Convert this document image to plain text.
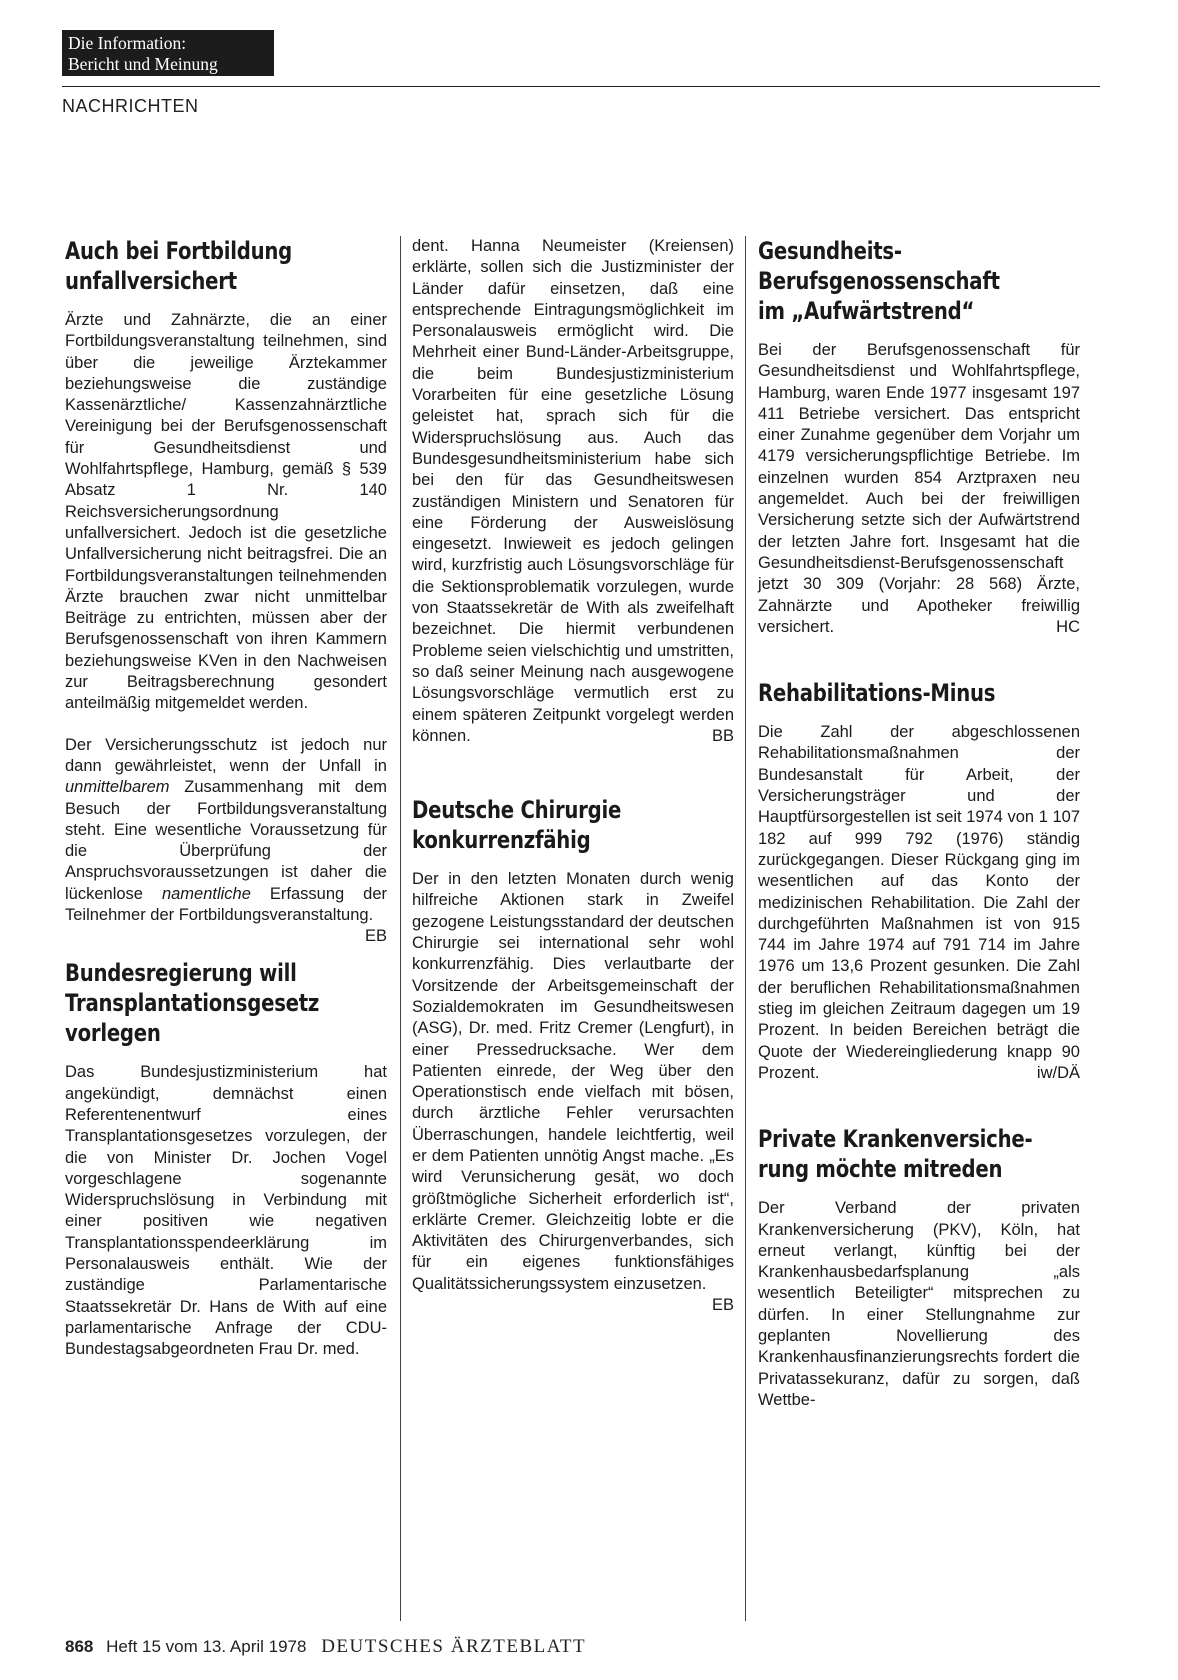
Die Information:
Bericht und Meinung
NACHRICHTEN
Auch bei Fortbildung
unfallversichert

Ärzte und Zahnärzte, die an einer Fortbildungsveranstaltung teilnehmen, sind über die jeweilige Ärztekammer beziehungsweise die zuständige Kassenärztliche/ Kassenzahnärztliche Vereinigung bei der Berufsgenossenschaft für Gesundheitsdienst und Wohlfahrtspflege, Hamburg, gemäß § 539 Absatz 1 Nr. 140 Reichsversicherungsordnung unfallversichert. Jedoch ist die gesetzliche Unfallversicherung nicht beitragsfrei. Die an Fortbildungsveranstaltungen teilnehmenden Ärzte brauchen zwar nicht unmittelbar Beiträge zu entrichten, müssen aber der Berufsgenossenschaft von ihren Kammern beziehungsweise KVen in den Nachweisen zur Beitragsberechnung gesondert anteilmäßig mitgemeldet werden.

Der Versicherungsschutz ist jedoch nur dann gewährleistet, wenn der Unfall in unmittelbarem Zusammenhang mit dem Besuch der Fortbildungsveranstaltung steht. Eine wesentliche Voraussetzung für die Überprüfung der Anspruchsvoraussetzungen ist daher die lückenlose namentliche Erfassung der Teilnehmer der Fortbildungsveranstaltung.
EB

Bundesregierung will
Transplantationsgesetz
vorlegen

Das Bundesjustizministerium hat angekündigt, demnächst einen Referentenentwurf eines Transplantationsgesetzes vorzulegen, der die von Minister Dr. Jochen Vogel vorgeschlagene sogenannte Widerspruchslösung in Verbindung mit einer positiven wie negativen Transplantationsspendeerklärung im Personalausweis enthält. Wie der zuständige Parlamentarische Staatssekretär Dr. Hans de With auf eine parlamentarische Anfrage der CDU-Bundestagsabgeordneten Frau Dr. med.

dent. Hanna Neumeister (Kreiensen) erklärte, sollen sich die Justizminister der Länder dafür einsetzen, daß eine entsprechende Eintragungsmöglichkeit im Personalausweis ermöglicht wird. Die Mehrheit einer Bund-Länder-Arbeitsgruppe, die beim Bundesjustizministerium Vorarbeiten für eine gesetzliche Lösung geleistet hat, sprach sich für die Widerspruchslösung aus. Auch das Bundesgesundheitsministerium habe sich bei den für das Gesundheitswesen zuständigen Ministern und Senatoren für eine Förderung der Ausweislösung eingesetzt. Inwieweit es jedoch gelingen wird, kurzfristig auch Lösungsvorschläge für die Sektionsproblematik vorzulegen, wurde von Staatssekretär de With als zweifelhaft bezeichnet. Die hiermit verbundenen Probleme seien vielschichtig und umstritten, so daß seiner Meinung nach ausgewogene Lösungsvorschläge vermutlich erst zu einem späteren Zeitpunkt vorgelegt werden können.	BB

Deutsche Chirurgie
konkurrenzfähig

Der in den letzten Monaten durch wenig hilfreiche Aktionen stark in Zweifel gezogene Leistungsstandard der deutschen Chirurgie sei international sehr wohl konkurrenzfähig. Dies verlautbarte der Vorsitzende der Arbeitsgemeinschaft der Sozialdemokraten im Gesundheitswesen (ASG), Dr. med. Fritz Cremer (Lengfurt), in einer Pressedrucksache. Wer dem Patienten einrede, der Weg über den Operationstisch ende vielfach mit bösen, durch ärztliche Fehler verursachten Überraschungen, handele leichtfertig, weil er dem Patienten unnötig Angst mache. „Es wird Verunsicherung gesät, wo doch größtmögliche Sicherheit erforderlich ist“, erklärte Cremer. Gleichzeitig lobte er die Aktivitäten des Chirurgenverbandes, sich für ein eigenes funktionsfähiges Qualitätssicherungssystem einzusetzen.
EB

Gesundheits-
Berufsgenossenschaft
im „Aufwärtstrend“

Bei der Berufsgenossenschaft für Gesundheitsdienst und Wohlfahrtspflege, Hamburg, waren Ende 1977 insgesamt 197 411 Betriebe versichert. Das entspricht einer Zunahme gegenüber dem Vorjahr um 4179 versicherungspflichtige Betriebe. Im einzelnen wurden 854 Arztpraxen neu angemeldet. Auch bei der freiwilligen Versicherung setzte sich der Aufwärtstrend der letzten Jahre fort. Insgesamt hat die Gesundheitsdienst-Berufsgenossenschaft jetzt 30 309 (Vorjahr: 28 568) Ärzte, Zahnärzte und Apotheker freiwillig versichert.	HC

Rehabilitations-Minus

Die Zahl der abgeschlossenen Rehabilitationsmaßnahmen der Bundesanstalt für Arbeit, der Versicherungsträger und der Hauptfürsorgestellen ist seit 1974 von 1 107 182 auf 999 792 (1976) ständig zurückgegangen. Dieser Rückgang ging im wesentlichen auf das Konto der medizinischen Rehabilitation. Die Zahl der durchgeführten Maßnahmen ist von 915 744 im Jahre 1974 auf 791 714 im Jahre 1976 um 13,6 Prozent gesunken. Die Zahl der beruflichen Rehabilitationsmaßnahmen stieg im gleichen Zeitraum dagegen um 19 Prozent. In beiden Bereichen beträgt die Quote der Wiedereingliederung knapp 90 Prozent.	iw/DÄ

Private Krankenversiche-
rung möchte mitreden

Der Verband der privaten Krankenversicherung (PKV), Köln, hat erneut verlangt, künftig bei der Krankenhausbedarfsplanung „als wesentlich Beteiligter“ mitsprechen zu dürfen. In einer Stellungnahme zur geplanten Novellierung des Krankenhausfinanzierungsrechts fordert die Privatassekuranz, dafür zu sorgen, daß Wettbe-

868 Heft 15 vom 13. April 1978 DEUTSCHES ÄRZTEBLATT
